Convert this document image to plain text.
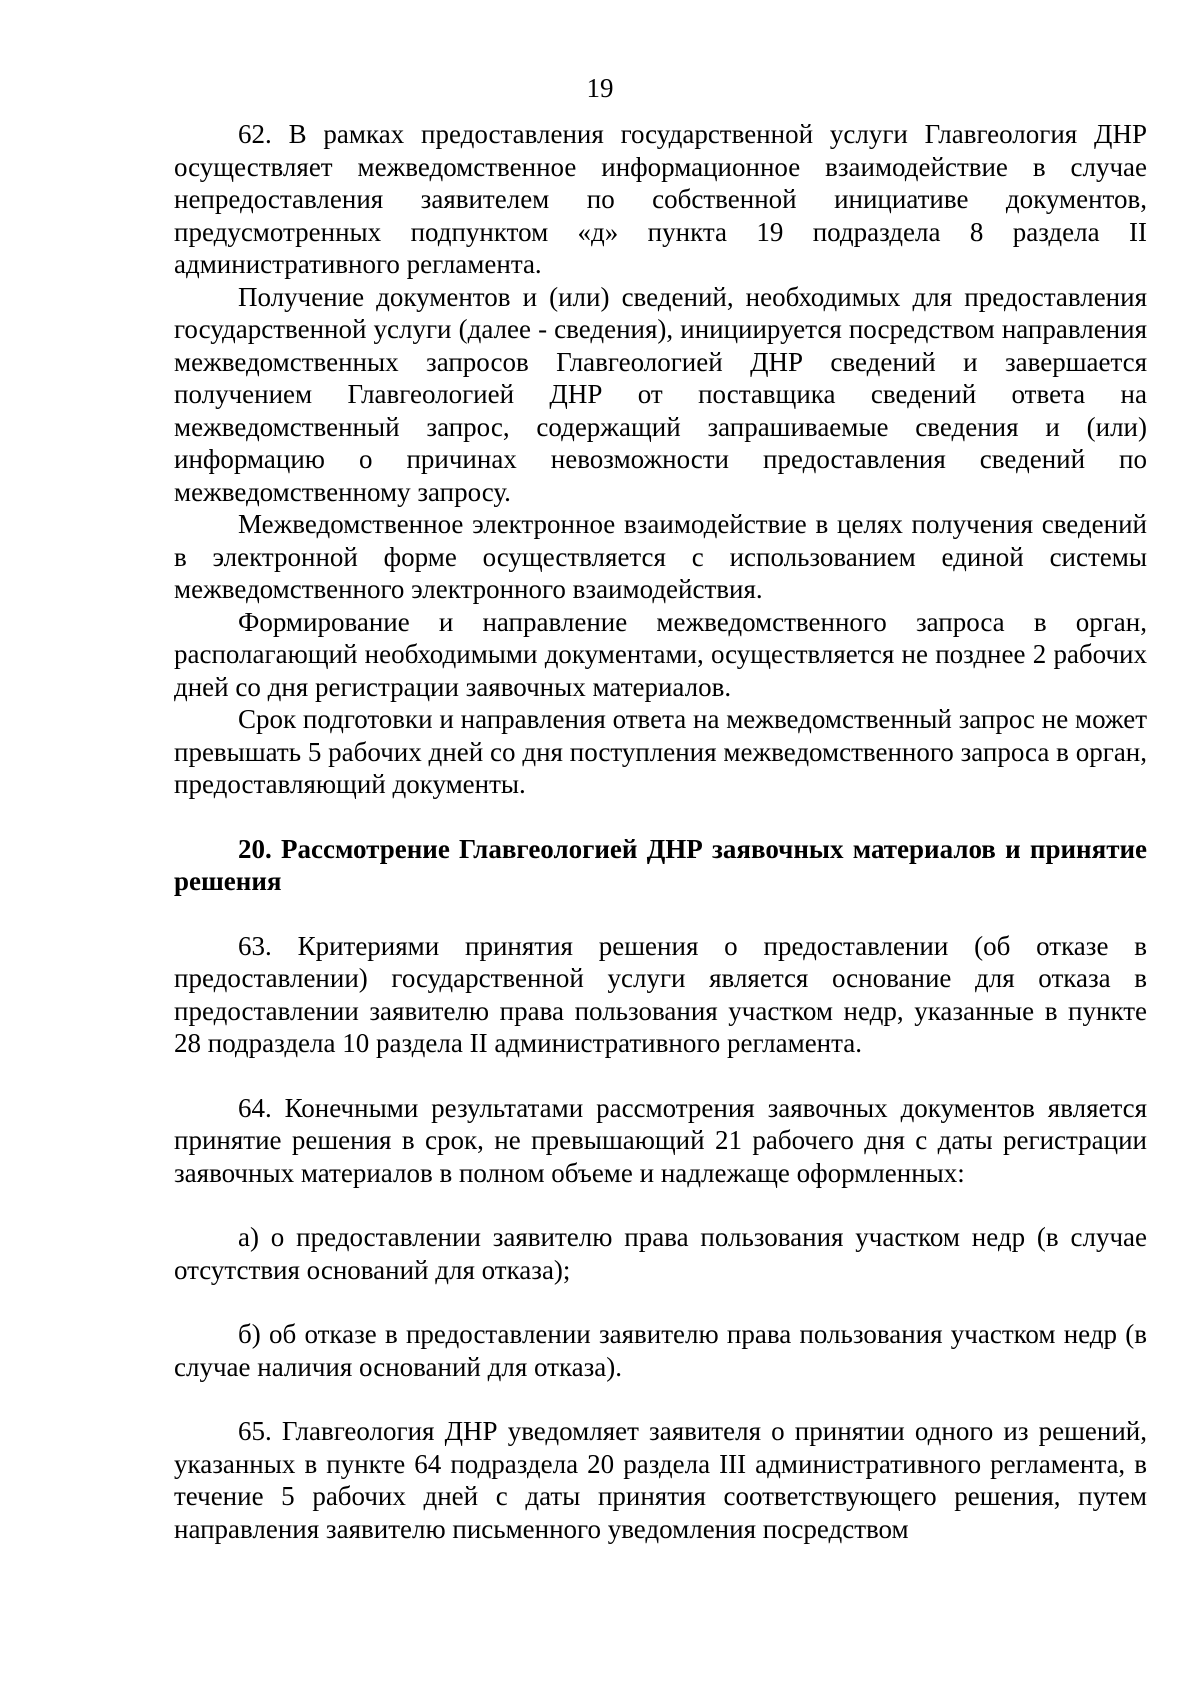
19

62. В рамках предоставления государственной услуги Главгеология ДНР осуществляет межведомственное информационное взаимодействие в случае непредоставления заявителем по собственной инициативе документов, предусмотренных подпунктом «д» пункта 19 подраздела 8 раздела II административного регламента.

Получение документов и (или) сведений, необходимых для предоставления государственной услуги (далее - сведения), инициируется посредством направления межведомственных запросов Главгеологией ДНР сведений и завершается получением Главгеологией ДНР от поставщика сведений ответа на межведомственный запрос, содержащий запрашиваемые сведения и (или) информацию о причинах невозможности предоставления сведений по межведомственному запросу.

Межведомственное электронное взаимодействие в целях получения сведений в электронной форме осуществляется с использованием единой системы межведомственного электронного взаимодействия.

Формирование и направление межведомственного запроса в орган, располагающий необходимыми документами, осуществляется не позднее 2 рабочих дней со дня регистрации заявочных материалов.

Срок подготовки и направления ответа на межведомственный запрос не может превышать 5 рабочих дней со дня поступления межведомственного запроса в орган, предоставляющий документы.

20. Рассмотрение Главгеологией ДНР заявочных материалов и принятие решения

63. Критериями принятия решения о предоставлении (об отказе в предоставлении) государственной услуги является основание для отказа в предоставлении заявителю права пользования участком недр, указанные в пункте 28 подраздела 10 раздела II административного регламента.

64. Конечными результатами рассмотрения заявочных документов является принятие решения в срок, не превышающий 21 рабочего дня с даты регистрации заявочных материалов в полном объеме и надлежаще оформленных:

а) о предоставлении заявителю права пользования участком недр (в случае отсутствия оснований для отказа);

б) об отказе в предоставлении заявителю права пользования участком недр (в случае наличия оснований для отказа).

65. Главгеология ДНР уведомляет заявителя о принятии одного из решений, указанных в пункте 64 подраздела 20 раздела III административного регламента, в течение 5 рабочих дней с даты принятия соответствующего решения, путем направления заявителю письменного уведомления посредством
